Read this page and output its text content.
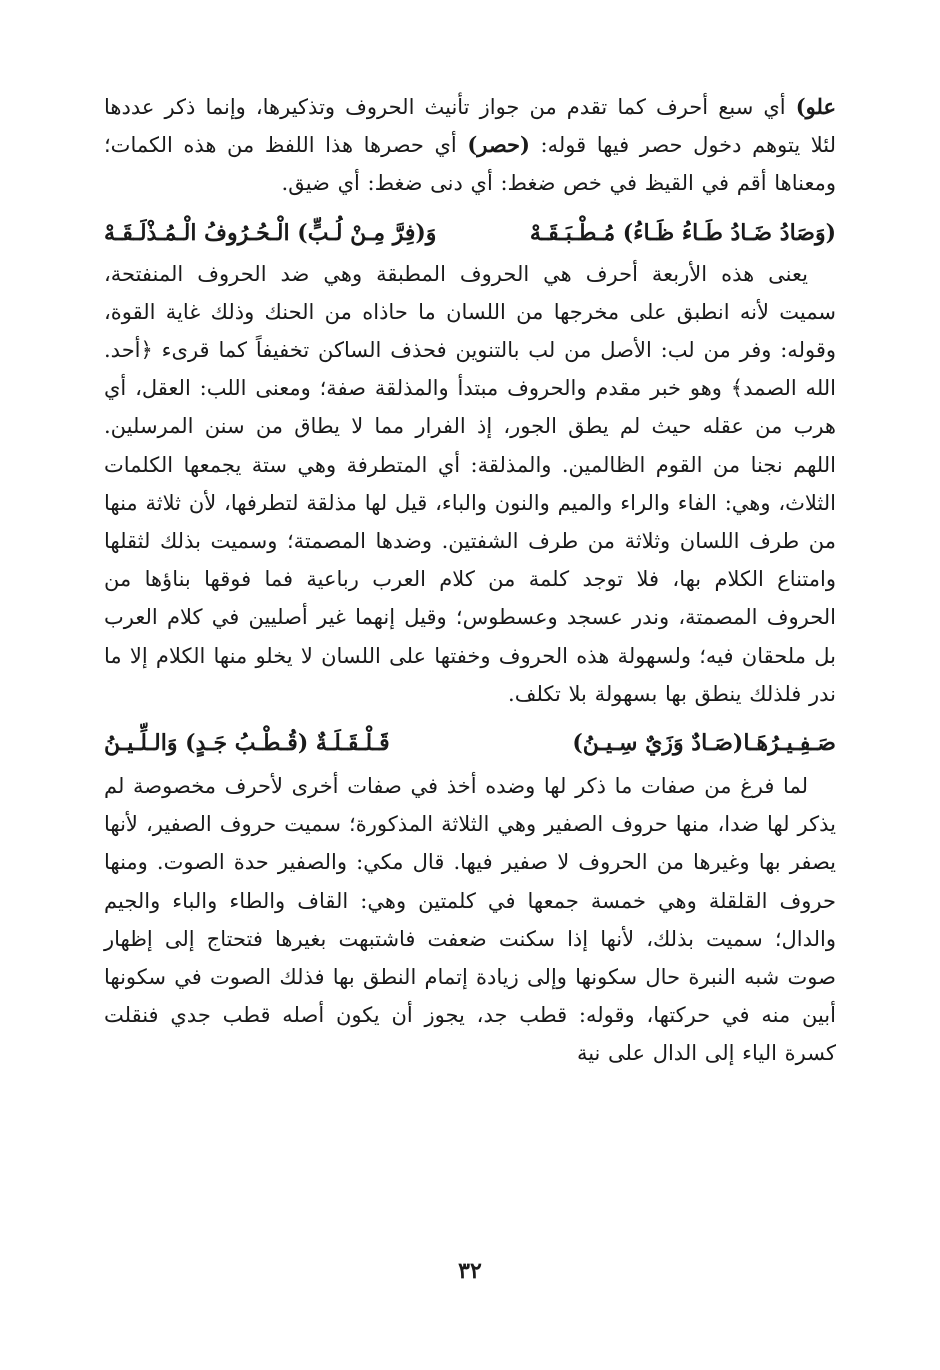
علو) أي سبع أحرف كما تقدم من جواز تأنيث الحروف وتذكيرها، وإنما ذكر عددها لئلا يتوهم دخول حصر فيها قوله: (حصر) أي حصرها هذا اللفظ من هذه الكمات؛ ومعناها أقم في القيظ في خص ضغط: أي دنى ضغط: أي ضيق.

(وَصَادُ ضَـادُ طَـاءُ ظَـاءُ) مُـطْـبَـقَـهْ
وَ(فِرَّ مِـنْ لُـبٍّ) الْـحُـرُوفُ الْـمُـذْلَـقَـهْ

يعنى هذه الأربعة أحرف هي الحروف المطبقة وهي ضد الحروف المنفتحة، سميت لأنه انطبق على مخرجها من اللسان ما حاذاه من الحنك وذلك غاية القوة، وقوله: وفر من لب: الأصل من لب بالتنوين فحذف الساكن تخفيفاً كما قرىء ﴿أحد. الله الصمد﴾ وهو خبر مقدم والحروف مبتدأ والمذلقة صفة؛ ومعنى اللب: العقل، أي هرب من عقله حيث لم يطق الجور، إذ الفرار مما لا يطاق من سنن المرسلين. اللهم نجنا من القوم الظالمين. والمذلقة: أي المتطرفة وهي ستة يجمعها الكلمات الثلاث، وهي: الفاء والراء والميم والنون والباء، قيل لها مذلقة لتطرفها، لأن ثلاثة منها من طرف اللسان وثلاثة من طرف الشفتين. وضدها المصمتة؛ وسميت بذلك لثقلها وامتناع الكلام بها، فلا توجد كلمة من كلام العرب رباعية فما فوقها بناؤها من الحروف المصمتة، وندر عسجد وعسطوس؛ وقيل إنهما غير أصليين في كلام العرب بل ملحقان فيه؛ ولسهولة هذه الحروف وخفتها على اللسان لا يخلو منها الكلام إلا ما ندر فلذلك ينطق بها بسهولة بلا تكلف.

صَـفِـيـرُهَـا(صَـادٌ وَزَيٌ سِـيـنُ)
قَـلْـقَـلَـةٌ (قُـطْـبُ جَـدٍ) وَالـلِّـيـنُ

لما فرغ من صفات ما ذكر لها وضده أخذ في صفات أخرى لأحرف مخصوصة لم يذكر لها ضدا، منها حروف الصفير وهي الثلاثة المذكورة؛ سميت حروف الصفير، لأنها يصفر بها وغيرها من الحروف لا صفير فيها. قال مكي: والصفير حدة الصوت. ومنها حروف القلقلة وهي خمسة جمعها في كلمتين وهي: القاف والطاء والباء والجيم والدال؛ سميت بذلك، لأنها إذا سكنت ضعفت فاشتبهت بغيرها فتحتاج إلى إظهار صوت شبه النبرة حال سكونها وإلى زيادة إتمام النطق بها فذلك الصوت في سكونها أبين منه في حركتها، وقوله: قطب جد، يجوز أن يكون أصله قطب جدي فنقلت كسرة الياء إلى الدال على نية

٣٢
